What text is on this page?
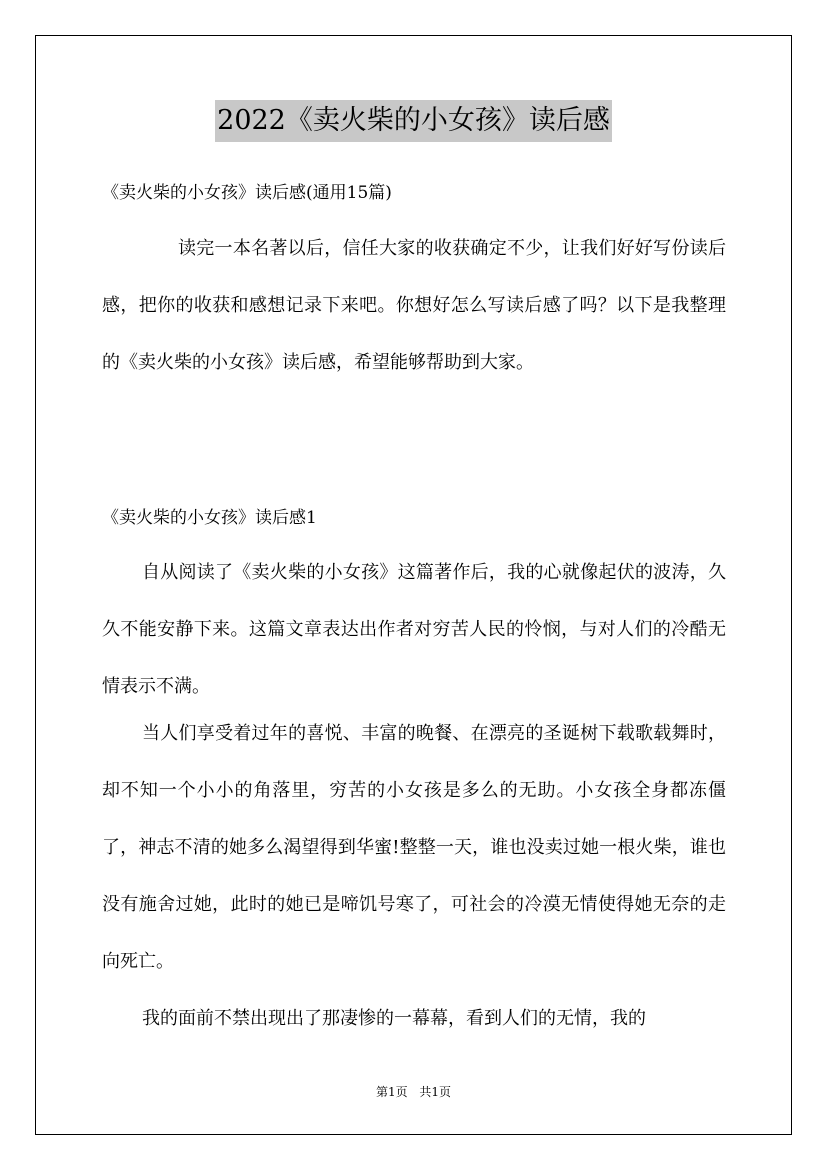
2022《卖火柴的小女孩》读后感
《卖火柴的小女孩》读后感(通用15篇)

读完一本名著以后，信任大家的收获确定不少，让我们好好写份读后感，把你的收获和感想记录下来吧。你想好怎么写读后感了吗？以下是我整理的《卖火柴的小女孩》读后感，希望能够帮助到大家。

《卖火柴的小女孩》读后感1

自从阅读了《卖火柴的小女孩》这篇著作后，我的心就像起伏的波涛，久久不能安静下来。这篇文章表达出作者对穷苦人民的怜悯，与对人们的冷酷无情表示不满。

当人们享受着过年的喜悦、丰富的晚餐、在漂亮的圣诞树下载歌载舞时，却不知一个小小的角落里，穷苦的小女孩是多么的无助。小女孩全身都冻僵了，神志不清的她多么渴望得到华蜜!整整一天，谁也没卖过她一根火柴，谁也没有施舍过她，此时的她已是啼饥号寒了，可社会的冷漠无情使得她无奈的走向死亡。

我的面前不禁出现出了那凄惨的一幕幕，看到人们的无情，我的

第1页 共1页
